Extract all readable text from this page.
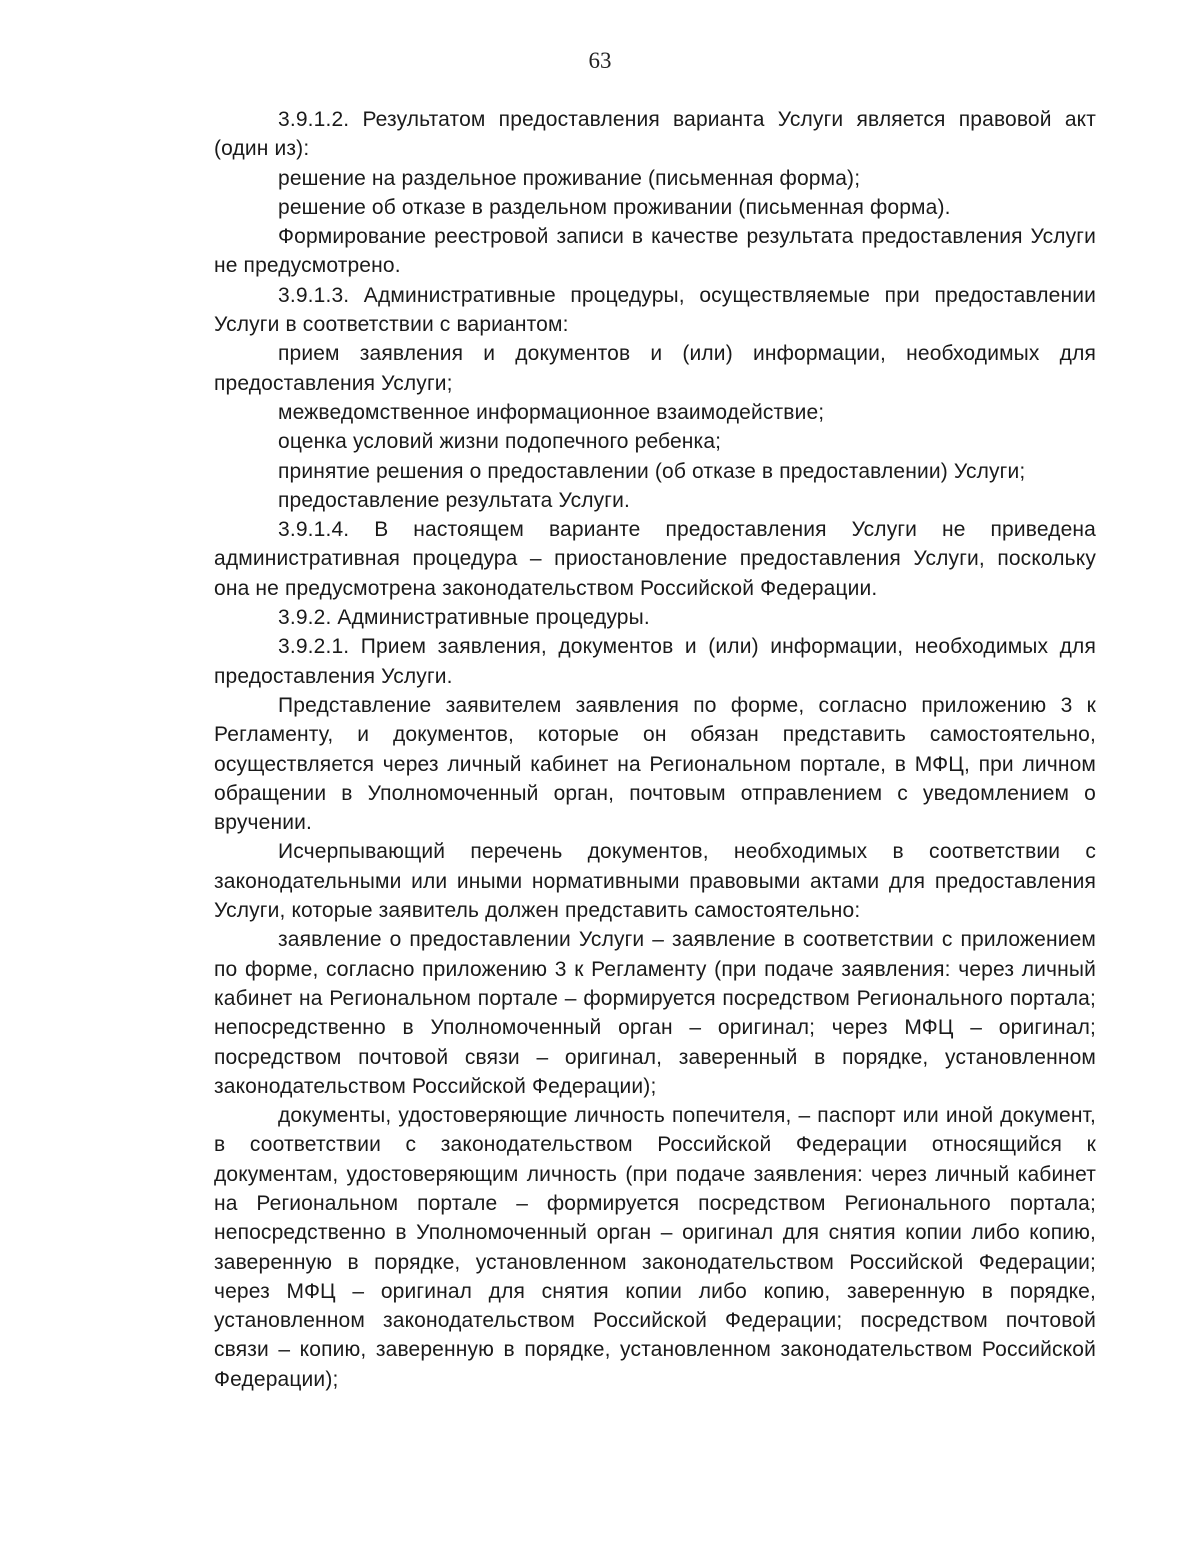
63

3.9.1.2. Результатом предоставления варианта Услуги является правовой акт (один из):

решение на раздельное проживание (письменная форма);

решение об отказе в раздельном проживании (письменная форма).

Формирование реестровой записи в качестве результата предоставления Услуги не предусмотрено.

3.9.1.3. Административные процедуры, осуществляемые при предоставлении Услуги в соответствии с вариантом:

прием заявления и документов и (или) информации, необходимых для предоставления Услуги;

межведомственное информационное взаимодействие;

оценка условий жизни подопечного ребенка;

принятие решения о предоставлении (об отказе в предоставлении) Услуги;

предоставление результата Услуги.

3.9.1.4. В настоящем варианте предоставления Услуги не приведена административная процедура – приостановление предоставления Услуги, поскольку она не предусмотрена законодательством Российской Федерации.

3.9.2. Административные процедуры.

3.9.2.1. Прием заявления, документов и (или) информации, необходимых для предоставления Услуги.

Представление заявителем заявления по форме, согласно приложению 3 к Регламенту, и документов, которые он обязан представить самостоятельно, осуществляется через личный кабинет на Региональном портале, в МФЦ, при личном обращении в Уполномоченный орган, почтовым отправлением с уведомлением о вручении.

Исчерпывающий перечень документов, необходимых в соответствии с законодательными или иными нормативными правовыми актами для предоставления Услуги, которые заявитель должен представить самостоятельно:

заявление о предоставлении Услуги – заявление в соответствии с приложением по форме, согласно приложению 3 к Регламенту (при подаче заявления: через личный кабинет на Региональном портале – формируется посредством Регионального портала; непосредственно в Уполномоченный орган – оригинал; через МФЦ – оригинал; посредством почтовой связи – оригинал, заверенный в порядке, установленном законодательством Российской Федерации);

документы, удостоверяющие личность попечителя, – паспорт или иной документ, в соответствии с законодательством Российской Федерации относящийся к документам, удостоверяющим личность (при подаче заявления: через личный кабинет на Региональном портале – формируется посредством Регионального портала; непосредственно в Уполномоченный орган – оригинал для снятия копии либо копию, заверенную в порядке, установленном законодательством Российской Федерации; через МФЦ – оригинал для снятия копии либо копию, заверенную в порядке, установленном законодательством Российской Федерации; посредством почтовой связи – копию, заверенную в порядке, установленном законодательством Российской Федерации);
